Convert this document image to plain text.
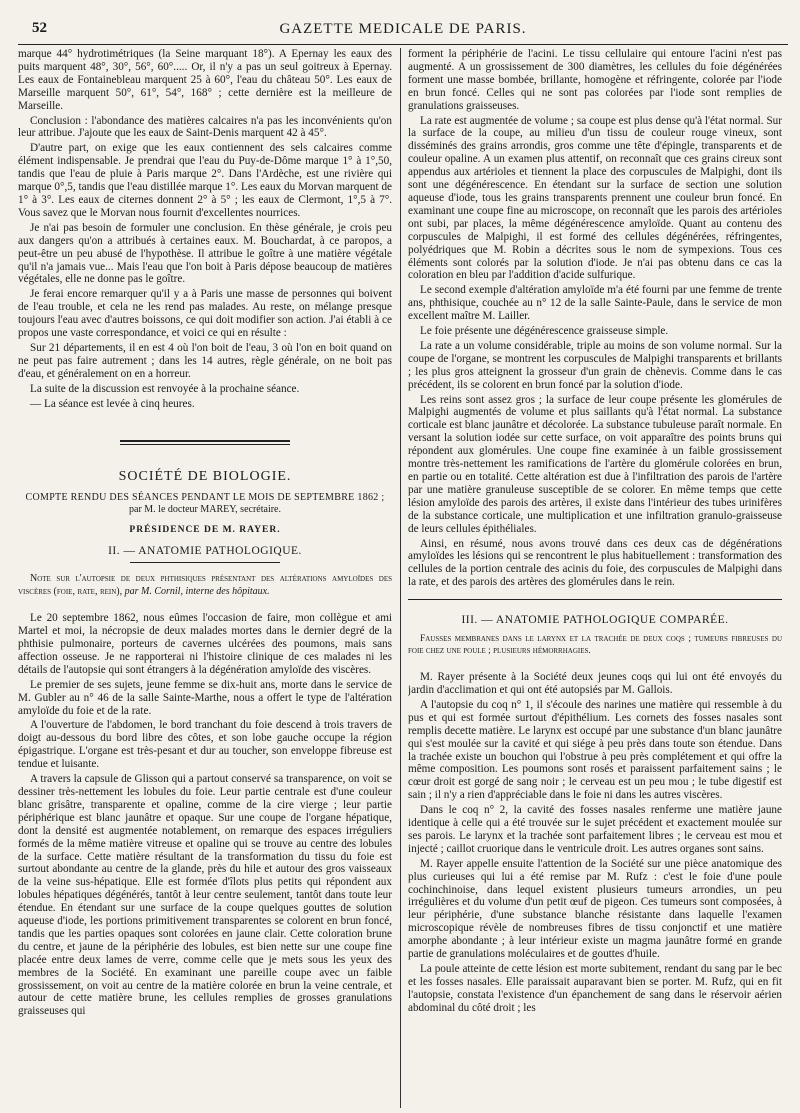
52	GAZETTE MEDICALE DE PARIS.

marque 44° hydrotimétriques (la Seine marquant 18°). A Epernay les eaux des puits marquent 48°, 30°, 56°, 60°..... Or, il n'y a pas un seul goitreux à Epernay. Les eaux de Fontainebleau marquent 25 à 60°, l'eau du château 50°. Les eaux de Marseille marquent 50°, 61°, 54°, 168° ; cette dernière est la meilleure de Marseille.

Conclusion : l'abondance des matières calcaires n'a pas les inconvénients qu'on leur attribue. J'ajoute que les eaux de Saint-Denis marquent 42 à 45°.

D'autre part, on exige que les eaux contiennent des sels calcaires comme élément indispensable. Je prendrai que l'eau du Puy-de-Dôme marque 1° à 1°,50, tandis que l'eau de pluie à Paris marque 2°. Dans l'Ardèche, est une rivière qui marque 0°,5, tandis que l'eau distillée marque 1°. Les eaux du Morvan marquent de 1° à 3°. Les eaux de citernes donnent 2° à 5° ; les eaux de Clermont, 1°,5 à 7°. Vous savez que le Morvan nous fournit d'excellentes nourrices.

Je n'ai pas besoin de formuler une conclusion. En thèse générale, je crois peu aux dangers qu'on a attribués à certaines eaux. M. Bouchardat, à ce paropos, a peut-être un peu abusé de l'hypothèse. Il attribue le goître à une matière végétale qu'il n'a jamais vue... Mais l'eau que l'on boit à Paris dépose beaucoup de matières végétales, elle ne donne pas le goître.

Je ferai encore remarquer qu'il y a à Paris une masse de personnes qui boivent de l'eau trouble, et cela ne les rend pas malades. Au reste, on mélange presque toujours l'eau avec d'autres boissons, ce qui doit modifier son action. J'ai établi à ce propos une vaste correspondance, et voici ce qui en résulte :

Sur 21 départements, il en est 4 où l'on boit de l'eau, 3 où l'on en boit quand on ne peut pas faire autrement ; dans les 14 autres, règle générale, on ne boit pas d'eau, et généralement on en a horreur.

La suite de la discussion est renvoyée à la prochaine séance.

— La séance est levée à cinq heures.

SOCIÉTÉ DE BIOLOGIE.
COMPTE RENDU DES SÉANCES PENDANT LE MOIS DE SEPTEMBRE 1862 ;
par M. le docteur MAREY, secrétaire.
PRÉSIDENCE DE M. RAYER.
II. — ANATOMIE PATHOLOGIQUE.
Note sur l'autopsie de deux phthisiques présentant des altérations amyloïdes des viscères (foie, rate, rein), par M. Cornil, interne des hôpitaux.

Le 20 septembre 1862, nous eûmes l'occasion de faire, mon collègue et ami Martel et moi, la nécropsie de deux malades mortes dans le dernier degré de la phthisie pulmonaire, porteurs de cavernes ulcérées des poumons, mais sans affection osseuse. Je ne rapporterai ni l'histoire clinique de ces malades ni les détails de l'autopsie qui sont étrangers à la dégénération amyloïde des viscères.

Le premier de ses sujets, jeune femme se dix-huit ans, morte dans le service de M. Gubler au n° 46 de la salle Sainte-Marthe, nous a offert le type de l'altération amyloïde du foie et de la rate.

A l'ouverture de l'abdomen, le bord tranchant du foie descend à trois travers de doigt au-dessous du bord libre des côtes, et son lobe gauche occupe la région épigastrique. L'organe est très-pesant et dur au toucher, son enveloppe fibreuse est tendue et luisante.

A travers la capsule de Glisson qui a partout conservé sa transparence, on voit se dessiner très-nettement les lobules du foie. Leur partie centrale est d'une couleur blanc grisâtre, transparente et opaline, comme de la cire vierge ; leur partie périphérique est blanc jaunâtre et opaque. Sur une coupe de l'organe hépatique, dont la densité est augmentée notablement, on remarque des espaces irréguliers formés de la même matière vitreuse et opaline qui se trouve au centre des lobules de la surface. Cette matière résultant de la transformation du tissu du foie est surtout abondante au centre de la glande, près du hile et autour des gros vaisseaux de la veine sus-hépatique. Elle est formée d'îlots plus petits qui répondent aux lobules hépatiques dégénérés, tantôt à leur centre seulement, tantôt dans toute leur étendue. En étendant sur une surface de la coupe quelques gouttes de solution aqueuse d'iode, les portions primitivement transparentes se colorent en brun foncé, tandis que les parties opaques sont colorées en jaune clair. Cette coloration brune du centre, et jaune de la périphérie des lobules, est bien nette sur une coupe fine placée entre deux lames de verre, comme celle que je mets sous les yeux des membres de la Société. En examinant une pareille coupe avec un faible grossissement, on voit au centre de la matière colorée en brun la veine centrale, et autour de cette matière brune, les cellules remplies de grosses granulations graisseuses qui

forment la périphérie de l'acini. Le tissu cellulaire qui entoure l'acini n'est pas augmenté. A un grossissement de 300 diamètres, les cellules du foie dégénérées forment une masse bombée, brillante, homogène et réfringente, colorée par l'iode en brun foncé. Celles qui ne sont pas colorées par l'iode sont remplies de granulations graisseuses.

La rate est augmentée de volume ; sa coupe est plus dense qu'à l'état normal. Sur la surface de la coupe, au milieu d'un tissu de couleur rouge vineux, sont disséminés des grains arrondis, gros comme une tête d'épingle, transparents et de couleur opaline. A un examen plus attentif, on reconnaît que ces grains cireux sont appendus aux artérioles et tiennent la place des corpuscules de Malpighi, dont ils sont une dégénérescence. En étendant sur la surface de section une solution aqueuse d'iode, tous les grains transparents prennent une couleur brun foncé. En examinant une coupe fine au microscope, on reconnaît que les parois des artérioles ont subi, par places, la même dégénérescence amyloïde. Quant au contenu des corpuscules de Malpighi, il est formé des cellules dégénérées, réfringentes, polyédriques que M. Robin a décrites sous le nom de sympexions. Tous ces éléments sont colorés par la solution d'iode. Je n'ai pas obtenu dans ce cas la coloration en bleu par l'addition d'acide sulfurique.

Le second exemple d'altération amyloïde m'a été fourni par une femme de trente ans, phthisique, couchée au n° 12 de la salle Sainte-Paule, dans le service de mon excellent maître M. Lailler.

Le foie présente une dégénérescence graisseuse simple.

La rate a un volume considérable, triple au moins de son volume normal. Sur la coupe de l'organe, se montrent les corpuscules de Malpighi transparents et brillants ; les plus gros atteignent la grosseur d'un grain de chènevis. Comme dans le cas précédent, ils se colorent en brun foncé par la solution d'iode.

Les reins sont assez gros ; la surface de leur coupe présente les glomérules de Malpighi augmentés de volume et plus saillants qu'à l'état normal. La substance corticale est blanc jaunâtre et décolorée. La substance tubuleuse paraît normale. En versant la solution iodée sur cette surface, on voit apparaître des points bruns qui répondent aux glomérules. Une coupe fine examinée à un faible grossissement montre très-nettement les ramifications de l'artère du glomérule colorées en brun, en partie ou en totalité. Cette altération est due à l'infiltration des parois de l'artère par une matière granuleuse susceptible de se colorer. En même temps que cette lésion amyloïde des parois des artères, il existe dans l'intérieur des tubes urinifères de la substance corticale, une multiplication et une infiltration granulo-graisseuse de leurs cellules épithéliales.

Ainsi, en résumé, nous avons trouvé dans ces deux cas de dégénérations amyloïdes les lésions qui se rencontrent le plus habituellement : transformation des cellules de la portion centrale des acinis du foie, des corpuscules de Malpighi dans la rate, et des parois des artères des glomérules dans le rein.

III. — ANATOMIE PATHOLOGIQUE COMPARÉE.
Fausses membranes dans le larynx et la trachée de deux coqs ; tumeurs fibreuses du foie chez une poule ; plusieurs hémorrhagies.

M. Rayer présente à la Société deux jeunes coqs qui lui ont été envoyés du jardin d'acclimation et qui ont été autopsiés par M. Gallois.

A l'autopsie du coq n° 1, il s'écoule des narines une matière qui ressemble à du pus et qui est formée surtout d'épithélium. Les cornets des fosses nasales sont remplis decette matière. Le larynx est occupé par une substance d'un blanc jaunâtre qui s'est moulée sur la cavité et qui siége à peu près dans toute son étendue. Dans la trachée existe un bouchon qui l'obstrue à peu près complétement et qui offre la même composition. Les poumons sont rosés et paraissent parfaitement sains ; le cœur droit est gorgé de sang noir ; le cerveau est un peu mou ; le tube digestif est sain ; il n'y a rien d'appréciable dans le foie ni dans les autres viscères.

Dans le coq n° 2, la cavité des fosses nasales renferme une matière jaune identique à celle qui a été trouvée sur le sujet précédent et exactement moulée sur ses parois. Le larynx et la trachée sont parfaitement libres ; le cerveau est mou et injecté ; caillot cruorique dans le ventricule droit. Les autres organes sont sains.

M. Rayer appelle ensuite l'attention de la Société sur une pièce anatomique des plus curieuses qui lui a été remise par M. Rufz : c'est le foie d'une poule cochinchinoise, dans lequel existent plusieurs tumeurs arrondies, un peu irrégulières et du volume d'un petit œuf de pigeon. Ces tumeurs sont composées, à leur périphérie, d'une substance blanche résistante dans laquelle l'examen microscopique révèle de nombreuses fibres de tissu conjonctif et une matière amorphe abondante ; à leur intérieur existe un magma jaunâtre formé en grande partie de granulations moléculaires et de gouttes d'huile.

La poule atteinte de cette lésion est morte subitement, rendant du sang par le bec et les fosses nasales. Elle paraissait auparavant bien se porter. M. Rufz, qui en fit l'autopsie, constata l'existence d'un épanchement de sang dans le réservoir aérien abdominal du côté droit ; les
